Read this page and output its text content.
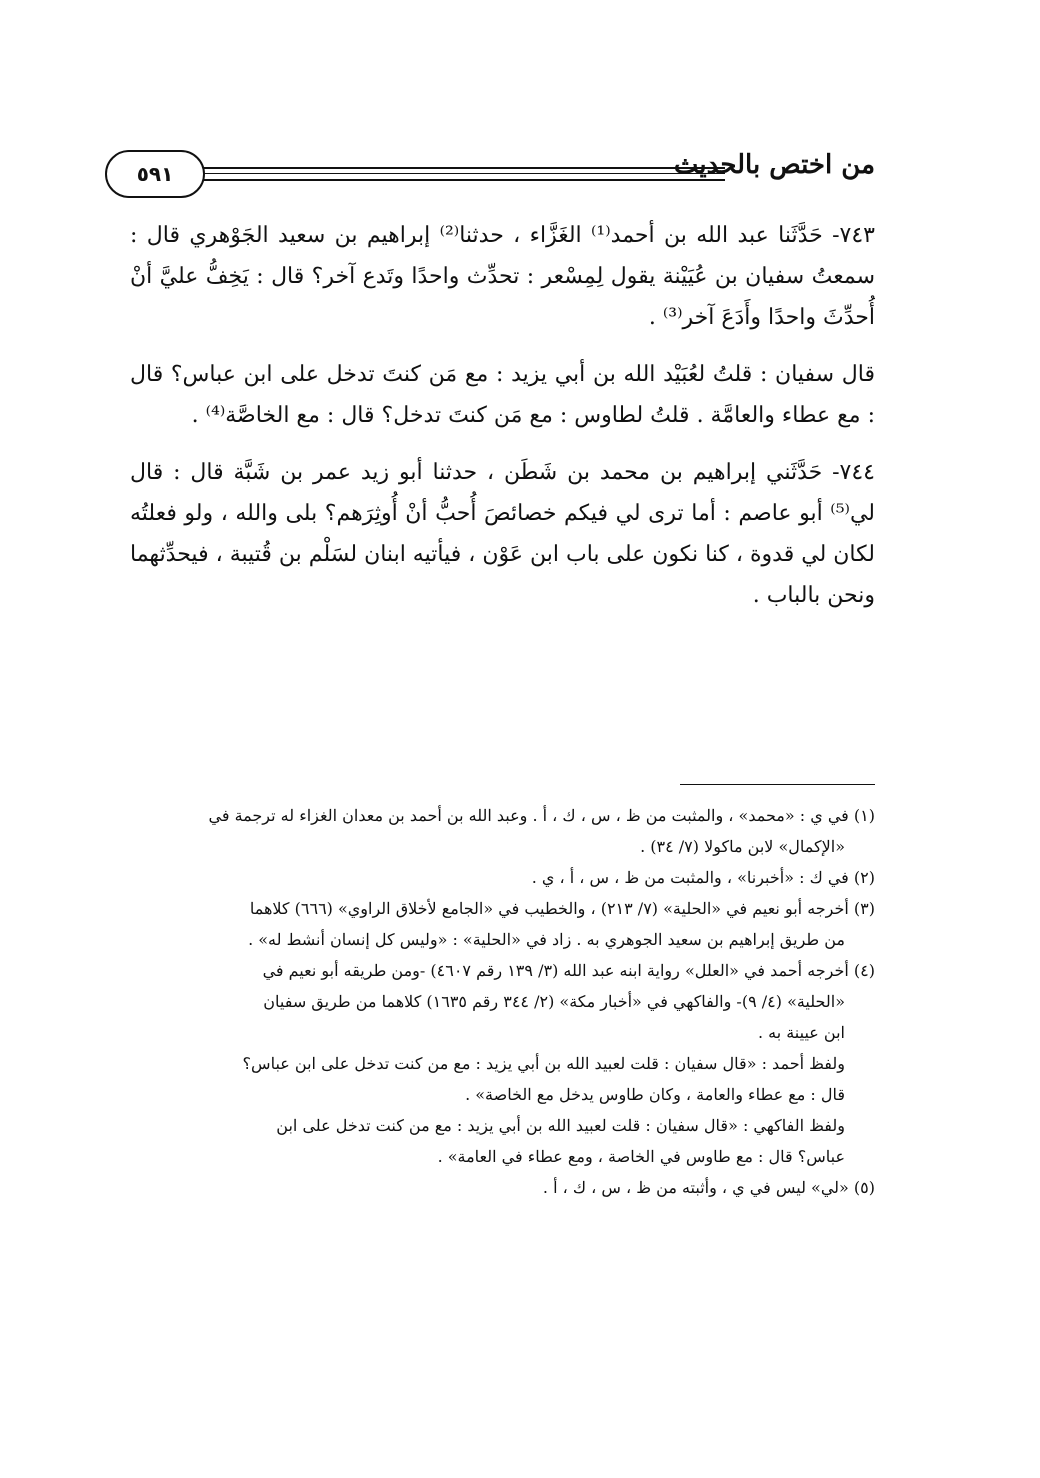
٥٩١	من اختص بالحديث

٧٤٣- حَدَّثَنا عبد الله بن أحمد⁽¹⁾ الغَزَّاء ، حدثنا⁽²⁾ إبراهيم بن سعيد الجَوْهري قال : سمعتُ سفيان بن عُيَيْنة يقول لِمِسْعر : تحدِّث واحدًا وتَدع آخر؟ قال : يَخِفُّ عليَّ أنْ أُحدِّثَ واحدًا وأَدَعَ آخر⁽³⁾ .

قال سفيان : قلتُ لعُبَيْد الله بن أبي يزيد : مع مَن كنتَ تدخل على ابن عباس؟ قال : مع عطاء والعامَّة . قلتُ لطاوس : مع مَن كنتَ تدخل؟ قال : مع الخاصَّة⁽⁴⁾ .

٧٤٤- حَدَّثَني إبراهيم بن محمد بن شَطَن ، حدثنا أبو زيد عمر بن شَبَّة قال : قال لي⁽⁵⁾ أبو عاصم : أما ترى لي فيكم خصائصَ أُحبُّ أنْ أُوثِرَهم؟ بلى والله ، ولو فعلتُه لكان لي قدوة ، كنا نكون على باب ابن عَوْن ، فيأتيه ابنان لسَلْم بن قُتيبة ، فيحدِّثهما ونحن بالباب .

(١) في ي : «محمد» ، والمثبت من ظ ، س ، ك ، أ . وعبد الله بن أحمد بن معدان الغزاء له ترجمة في

«الإكمال» لابن ماكولا (٧/ ٣٤) .

(٢) في ك : «أخبرنا» ، والمثبت من ظ ، س ، أ ، ي .

(٣) أخرجه أبو نعيم في «الحلية» (٧/ ٢١٣) ، والخطيب في «الجامع لأخلاق الراوي» (٦٦٦) كلاهما

من طريق إبراهيم بن سعيد الجوهري به . زاد في «الحلية» : «وليس كل إنسان أنشط له» .

(٤) أخرجه أحمد في «العلل» رواية ابنه عبد الله (٣/ ١٣٩ رقم ٤٦٠٧) -ومن طريقه أبو نعيم في

«الحلية» (٤/ ٩)- والفاكهي في «أخبار مكة» (٢/ ٣٤٤ رقم ١٦٣٥) كلاهما من طريق سفيان

ابن عيينة به .

ولفظ أحمد : «قال سفيان : قلت لعبيد الله بن أبي يزيد : مع من كنت تدخل على ابن عباس؟

قال : مع عطاء والعامة ، وكان طاوس يدخل مع الخاصة» .

ولفظ الفاكهي : «قال سفيان : قلت لعبيد الله بن أبي يزيد : مع من كنت تدخل على ابن

عباس؟ قال : مع طاوس في الخاصة ، ومع عطاء في العامة» .

(٥) «لي» ليس في ي ، وأثبته من ظ ، س ، ك ، أ .
